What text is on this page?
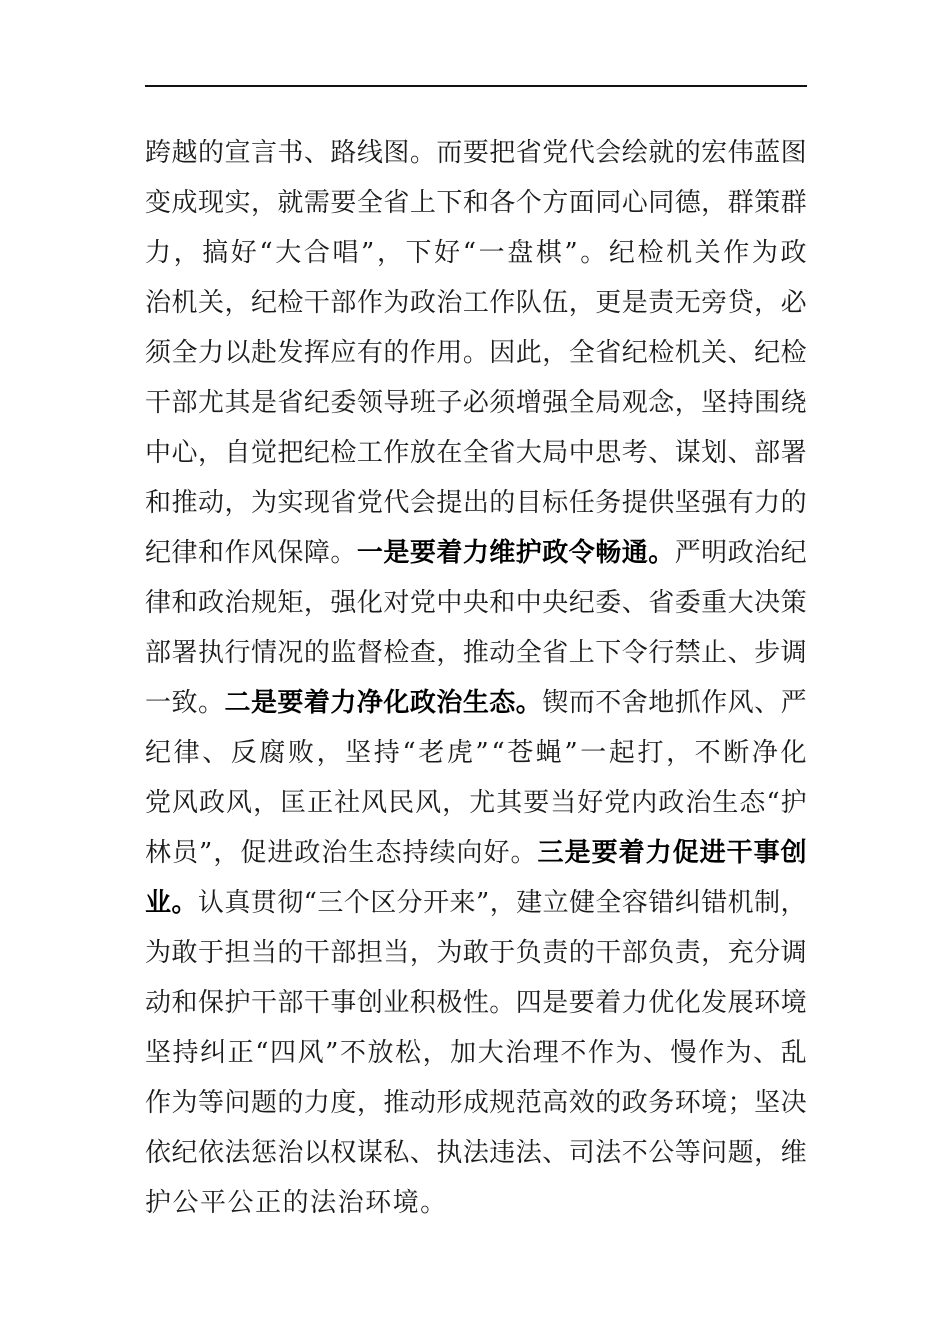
跨 越 的 宣 言 书 、 路 线 图 。 而 要 把 省 党 代 会 绘 就 的 宏 伟 蓝 图
变 成 现 实 ， 就 需 要 全 省 上 下 和 各 个 方 面 同 心 同 德 ， 群 策 群
力 ， 搞 好 “ 大 合 唱 ” ， 下 好 “ 一 盘 棋 ” 。 纪 检 机 关 作 为 政
治 机 关 ， 纪 检 干 部 作 为 政 治 工 作 队 伍 ， 更 是 责 无 旁 贷 ， 必
须 全 力 以 赴 发 挥 应 有 的 作 用 。 因 此 ， 全 省 纪 检 机 关 、 纪 检
干 部 尤 其 是 省 纪 委 领 导 班 子 必 须 增 强 全 局 观 念 ， 坚 持 围 绕
中 心 ， 自 觉 把 纪 检 工 作 放 在 全 省 大 局 中 思 考 、 谋 划 、 部 署
和 推 动 ， 为 实 现 省 党 代 会 提 出 的 目 标 任 务 提 供 坚 强 有 力 的
纪 律 和 作 风 保 障 。 一 是 要 着 力 维 护 政 令 畅 通 。 严 明 政 治 纪
律 和 政 治 规 矩 ， 强 化 对 党 中 央 和 中 央 纪 委 、 省 委 重 大 决 策
部 署 执 行 情 况 的 监 督 检 查 ， 推 动 全 省 上 下 令 行 禁 止 、 步 调
一 致 。 二 是 要 着 力 净 化 政 治 生 态 。 锲 而 不 舍 地 抓 作 风 、 严
纪 律 、 反 腐 败 ， 坚 持 “ 老 虎 ” “ 苍 蝇 ” 一 起 打 ， 不 断 净 化
党 风 政 风 ， 匡 正 社 风 民 风 ， 尤 其 要 当 好 党 内 政 治 生 态 “ 护
林 员 ” ， 促 进 政 治 生 态 持 续 向 好 。 三 是 要 着 力 促 进 干 事 创
业 。 认 真 贯 彻 “ 三 个 区 分 开 来 ” ， 建 立 健 全 容 错 纠 错 机 制 ，
为 敢 于 担 当 的 干 部 担 当 ， 为 敢 于 负 责 的 干 部 负 责 ， 充 分 调
动 和 保 护 干 部 干 事 创 业 积 极 性 。 四 是 要 着 力 优 化 发 展 环 境
坚 持 纠 正 “ 四 风 ” 不 放 松 ， 加 大 治 理 不 作 为 、 慢 作 为 、 乱
作 为 等 问 题 的 力 度 ， 推 动 形 成 规 范 高 效 的 政 务 环 境 ； 坚 决
依 纪 依 法 惩 治 以 权 谋 私 、 执 法 违 法 、 司 法 不 公 等 问 题 ， 维
护 公 平 公 正 的 法 治 环 境 。
